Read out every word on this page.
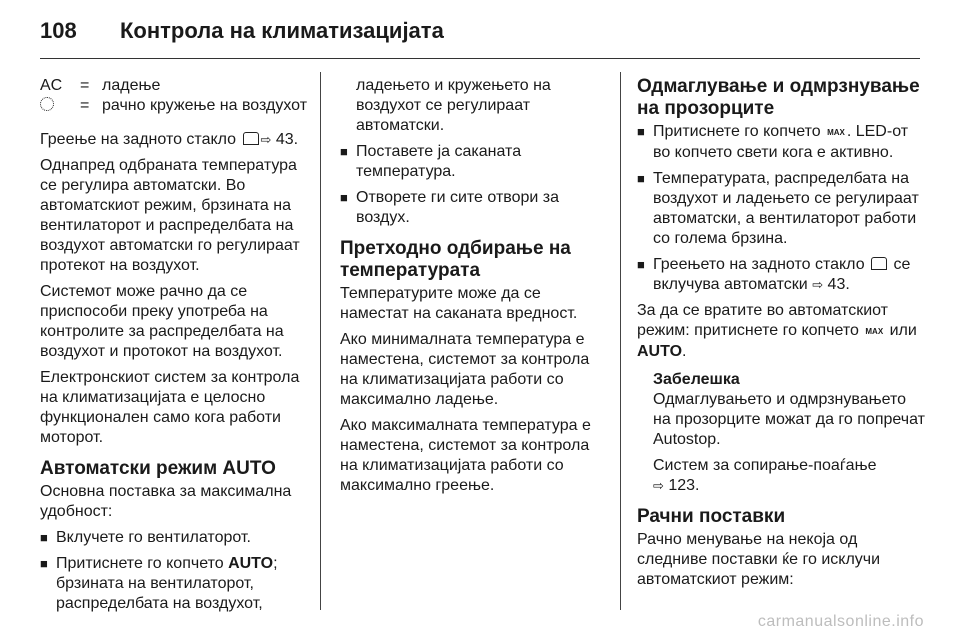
108 Контрола на климатизацијата
AC	= ладење
= рачно кружење на воздухот

Греење на задното стакло ⇨ 43.

Однапред одбраната температура се регулира автоматски. Во автоматскиот режим, брзината на вентилаторот и распределбата на воздухот автоматски го регулираат протекот на воздухот.

Системот може рачно да се приспособи преку употреба на контролите за распределбата на воздухот и протокот на воздухот.

Електронскиот систем за контрола на климатизацијата е целосно функционален само кога работи моторот.

Автоматски режим AUTO

Основна поставка за максимална удобност:

■ Вклучете го вентилаторот.
■ Притиснете го копчето AUTO; брзината на вентилаторот, распределбата на воздухот,

ладењето и кружењето на воздухот се регулираат автоматски.

■ Поставете ја саканата температура.
■ Отворете ги сите отвори за воздух.
Претходно одбирање на температурата

Температурите може да се наместат на саканата вредност.

Ако минималната температура е наместена, системот за контрола на климатизацијата работи со максимално ладење.

Ако максималната температура е наместена, системот за контрола на климатизацијата работи со максимално греење.

Одмаглување и одмрзнување на прозорците
■ Притиснете го копчето MAX . LED-от во копчето свети кога е активно.
■ Температурата, распределбата на воздухот и ладењето се регулираат автоматски, а вентилаторот работи со голема брзина.
■ Греењето на задното стакло  се вклучува автоматски ⇨ 43.

За да се вратите во автоматскиот режим: притиснете го копчето MAX или AUTO.

Забелешка

Одмаглувањето и одмрзнувањето на прозорците можат да го попречат Autostop.

Систем за сопирање-поаѓање
⇨ 123.

Рачни поставки

Рачно менување на некоја од следниве поставки ќе го исклучи автоматскиот режим:

carmanualsonline.info
